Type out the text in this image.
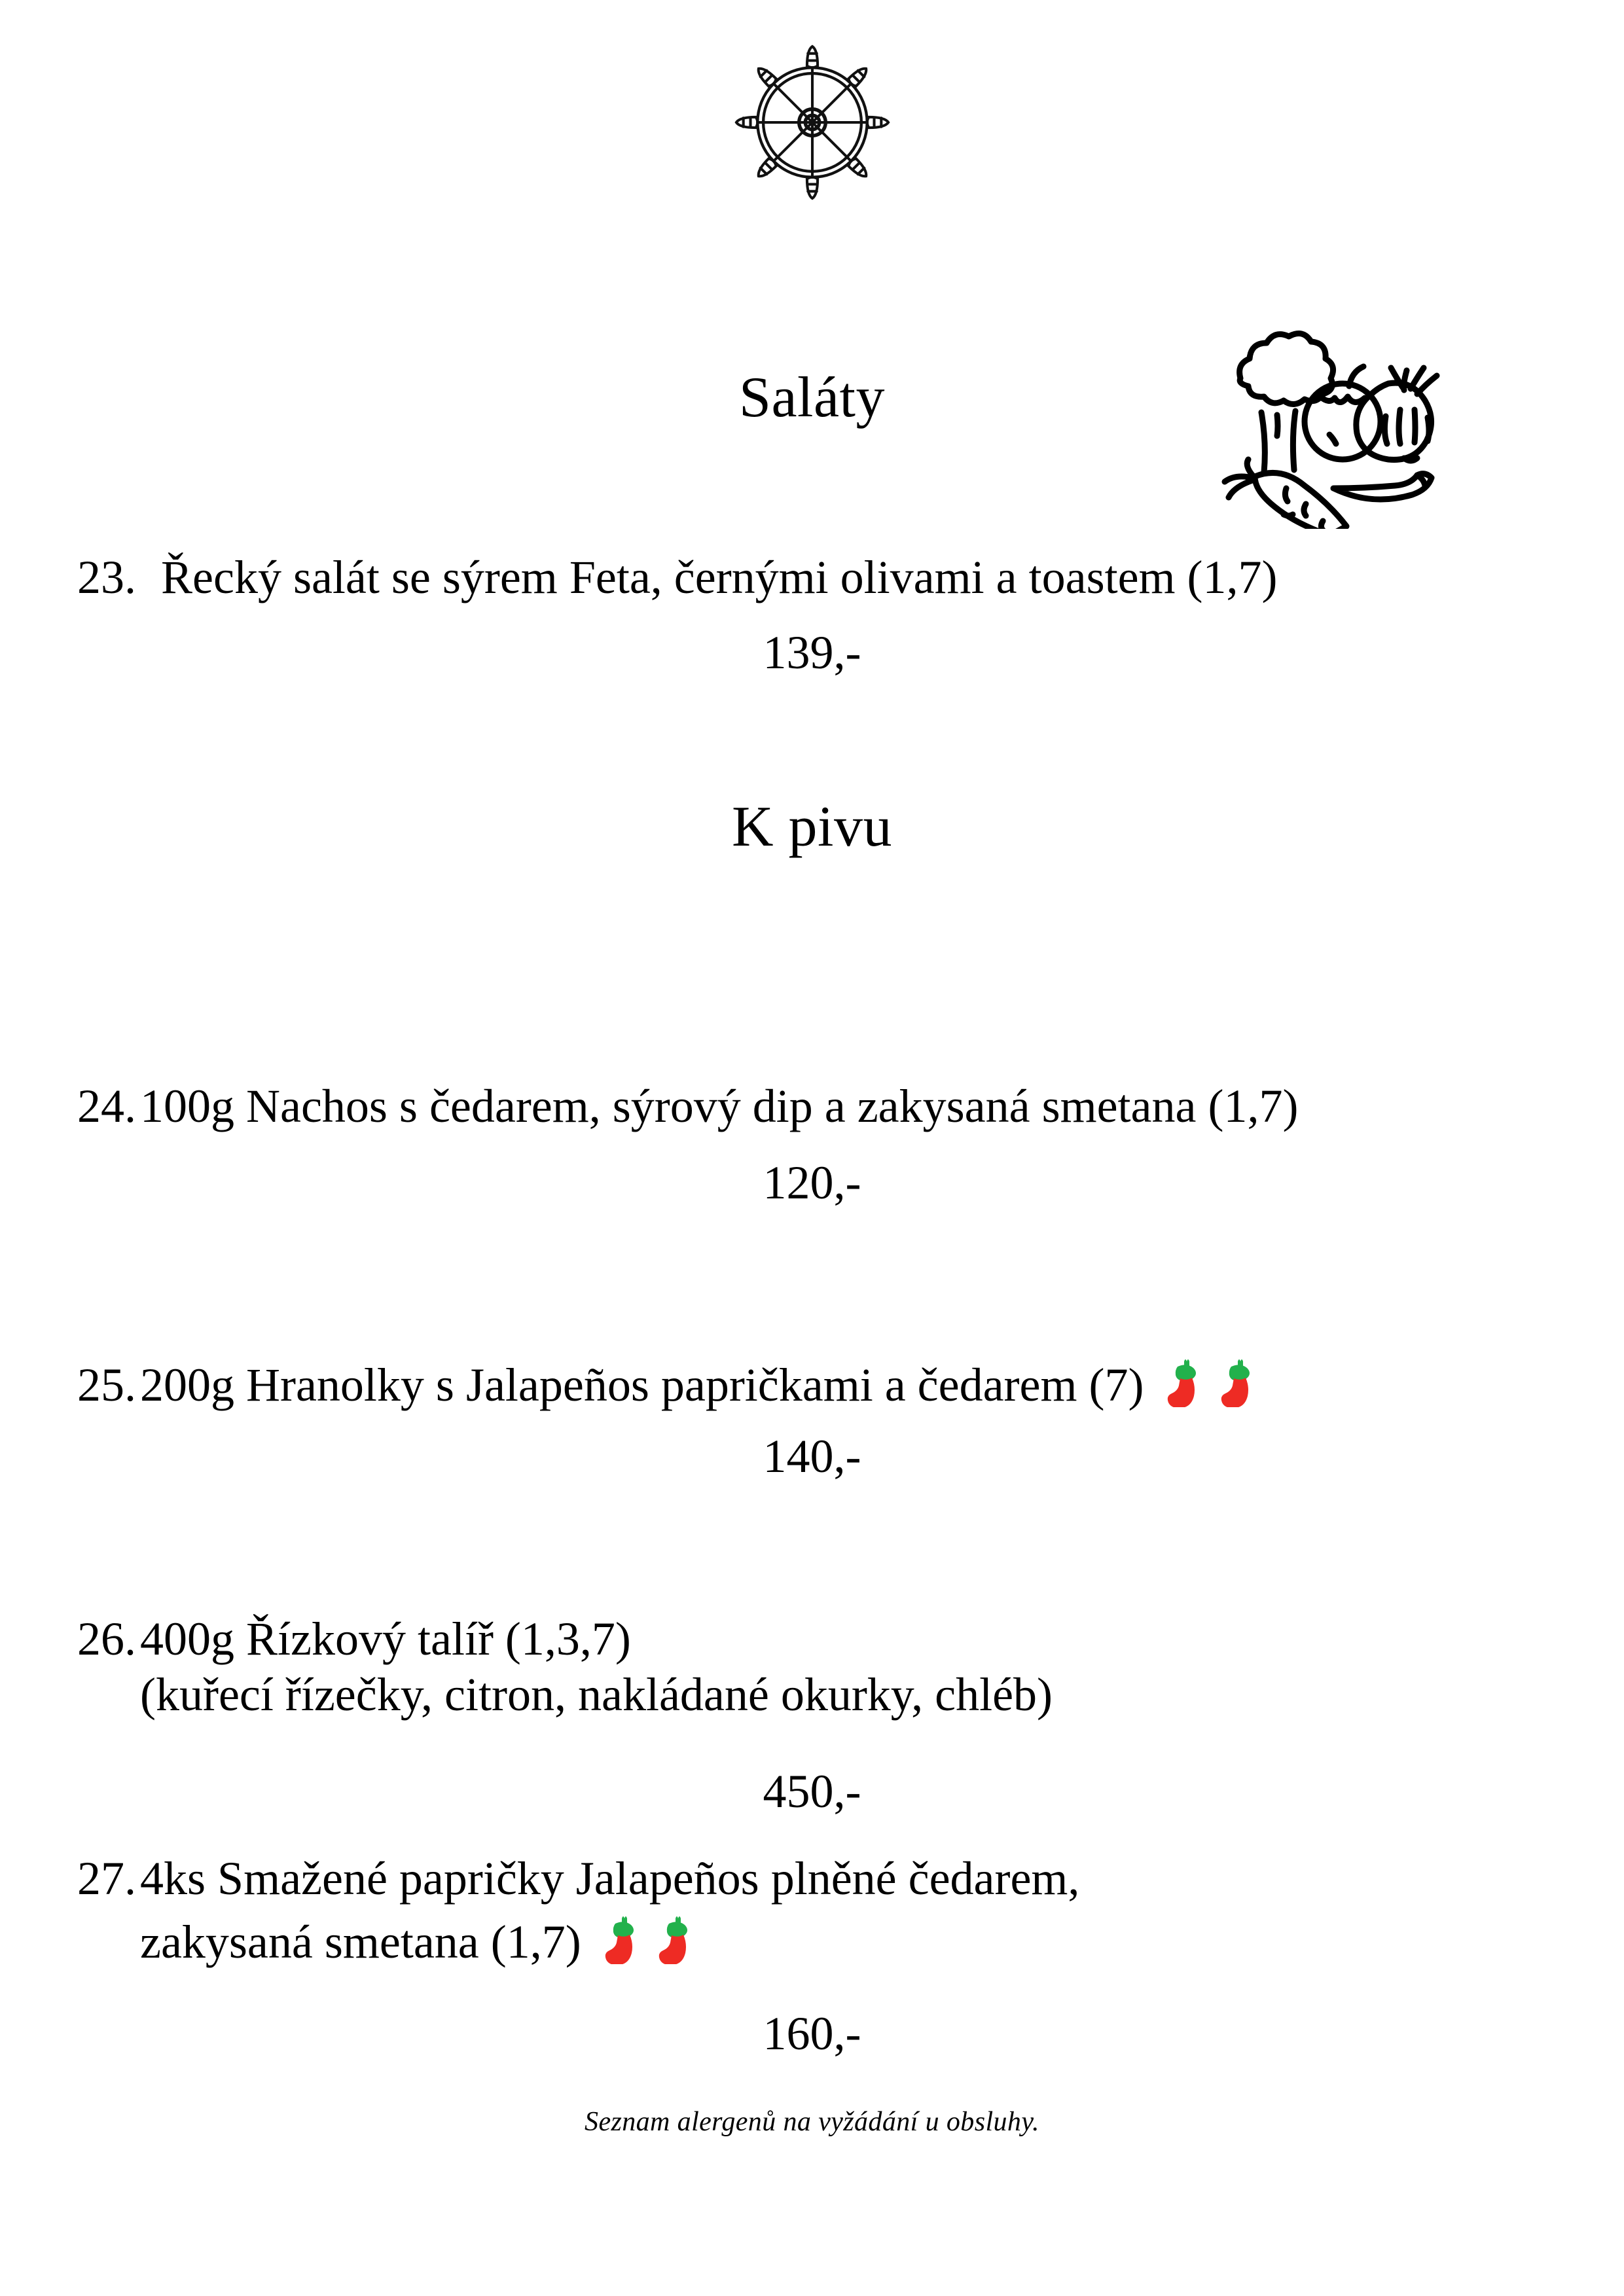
Saláty
23. Řecký salát se sýrem Feta, černými olivami a toastem (1,7)
139,-
K pivu
24. 100g Nachos s čedarem, sýrový dip a zakysaná smetana (1,7)
120,-
25. 200g Hranolky s Jalapeños papričkami a čedarem (7)
140,-
26. 400g Řízkový talíř (1,3,7)
(kuřecí řízečky, citron, nakládané okurky, chléb)
450,-
27. 4ks Smažené papričky Jalapeños plněné čedarem,
zakysaná smetana (1,7)
160,-
Seznam alergenů na vyžádání u obsluhy.
